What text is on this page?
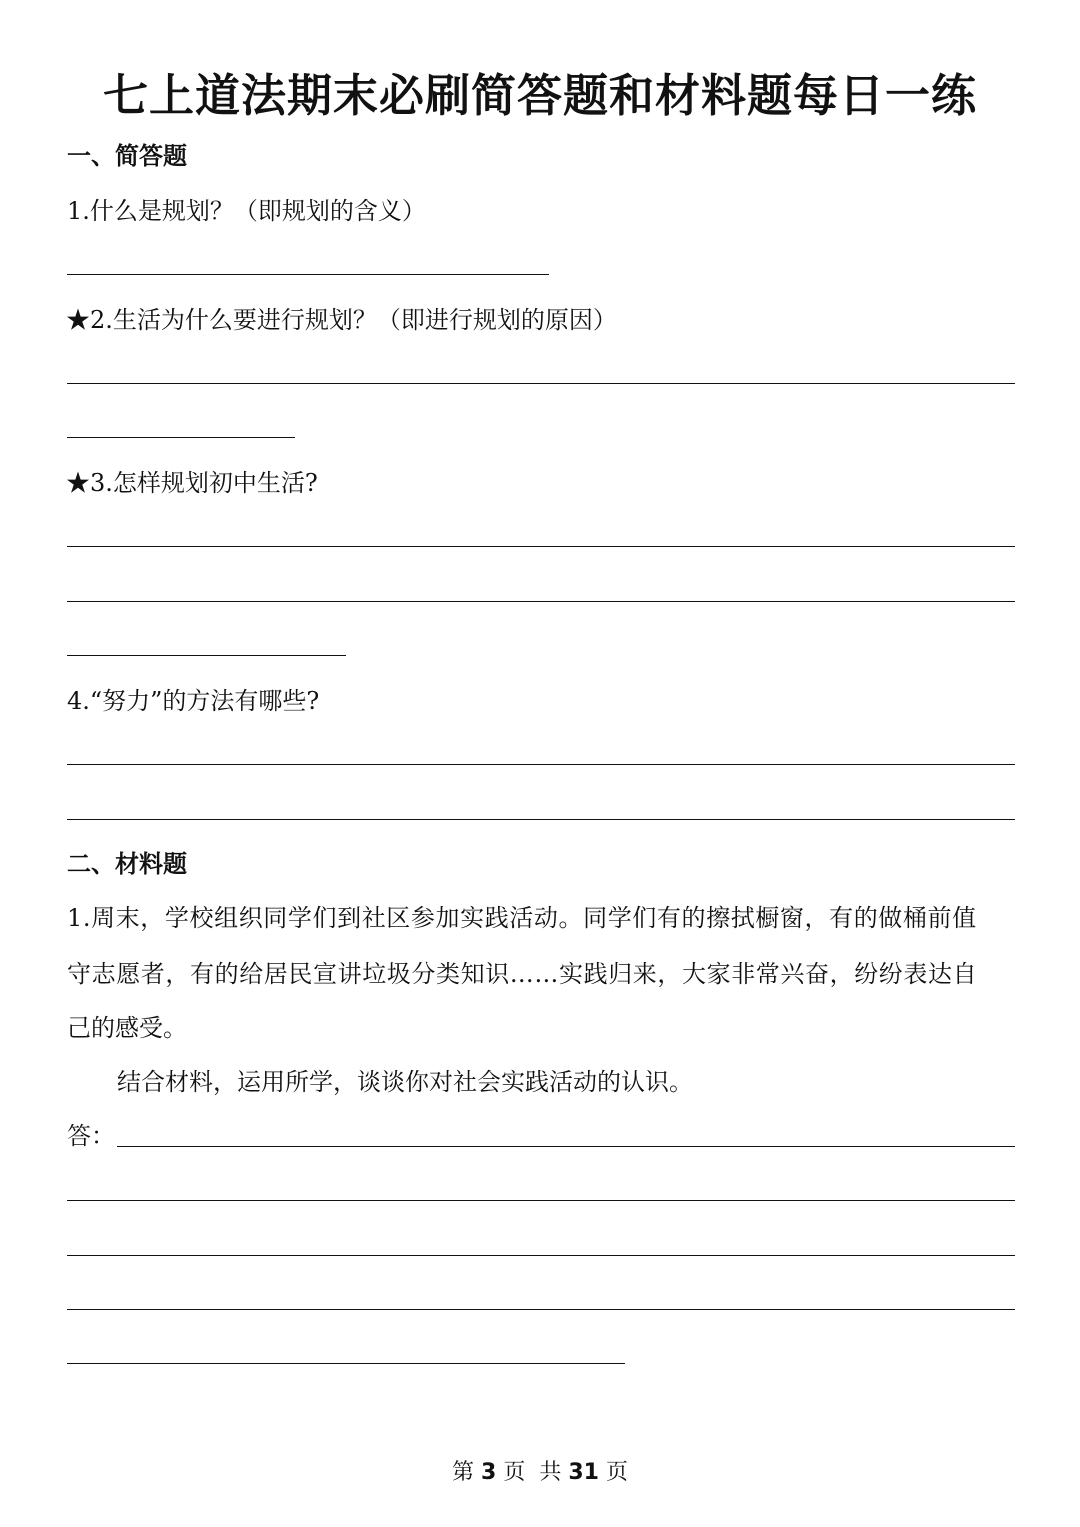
七上道法期末必刷简答题和材料题每日一练
一、简答题
1.什么是规划？（即规划的含义）
★2.生活为什么要进行规划？（即进行规划的原因）
★3.怎样规划初中生活?
4.“努力”的方法有哪些?
二、材料题
1.周末，学校组织同学们到社区参加实践活动。同学们有的擦拭橱窗，有的做桶前值
守志愿者，有的给居民宣讲垃圾分类知识……实践归来，大家非常兴奋，纷纷表达自
己的感受。
结合材料，运用所学，谈谈你对社会实践活动的认识。
答：
第 3 页  共 31 页
